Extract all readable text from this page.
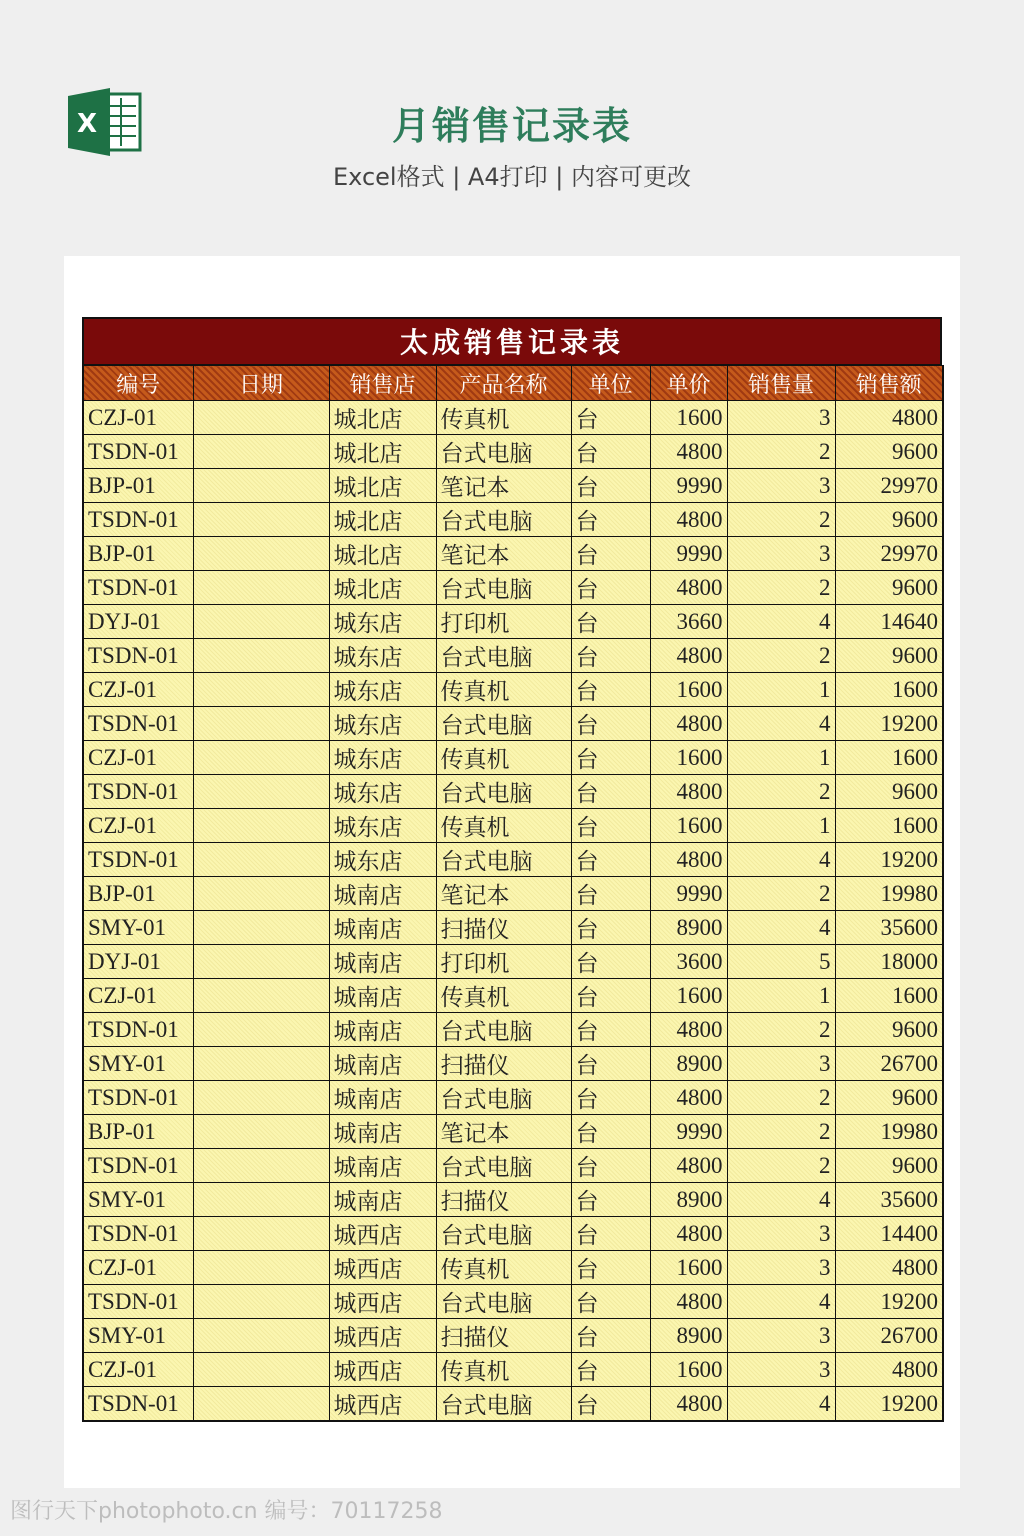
X	月销售记录表
Excel格式 | A4打印 | 内容可更改
太成销售记录表
编号	日期	销售店	产品名称	单位	单价	销售量	销售额
CZJ-01		城北店	传真机	台	1600	3	4800
TSDN-01		城北店	台式电脑	台	4800	2	9600
BJP-01		城北店	笔记本	台	9990	3	29970
TSDN-01		城北店	台式电脑	台	4800	2	9600
BJP-01		城北店	笔记本	台	9990	3	29970
TSDN-01		城北店	台式电脑	台	4800	2	9600
DYJ-01		城东店	打印机	台	3660	4	14640
TSDN-01		城东店	台式电脑	台	4800	2	9600
CZJ-01		城东店	传真机	台	1600	1	1600
TSDN-01		城东店	台式电脑	台	4800	4	19200
CZJ-01		城东店	传真机	台	1600	1	1600
TSDN-01		城东店	台式电脑	台	4800	2	9600
CZJ-01		城东店	传真机	台	1600	1	1600
TSDN-01		城东店	台式电脑	台	4800	4	19200
BJP-01		城南店	笔记本	台	9990	2	19980
SMY-01		城南店	扫描仪	台	8900	4	35600
DYJ-01		城南店	打印机	台	3600	5	18000
CZJ-01		城南店	传真机	台	1600	1	1600
TSDN-01		城南店	台式电脑	台	4800	2	9600
SMY-01		城南店	扫描仪	台	8900	3	26700
TSDN-01		城南店	台式电脑	台	4800	2	9600
BJP-01		城南店	笔记本	台	9990	2	19980
TSDN-01		城南店	台式电脑	台	4800	2	9600
SMY-01		城南店	扫描仪	台	8900	4	35600
TSDN-01		城西店	台式电脑	台	4800	3	14400
CZJ-01		城西店	传真机	台	1600	3	4800
TSDN-01		城西店	台式电脑	台	4800	4	19200
SMY-01		城西店	扫描仪	台	8900	3	26700
CZJ-01		城西店	传真机	台	1600	3	4800
TSDN-01		城西店	台式电脑	台	4800	4	19200
图行天下photophoto.cn 编号：70117258
